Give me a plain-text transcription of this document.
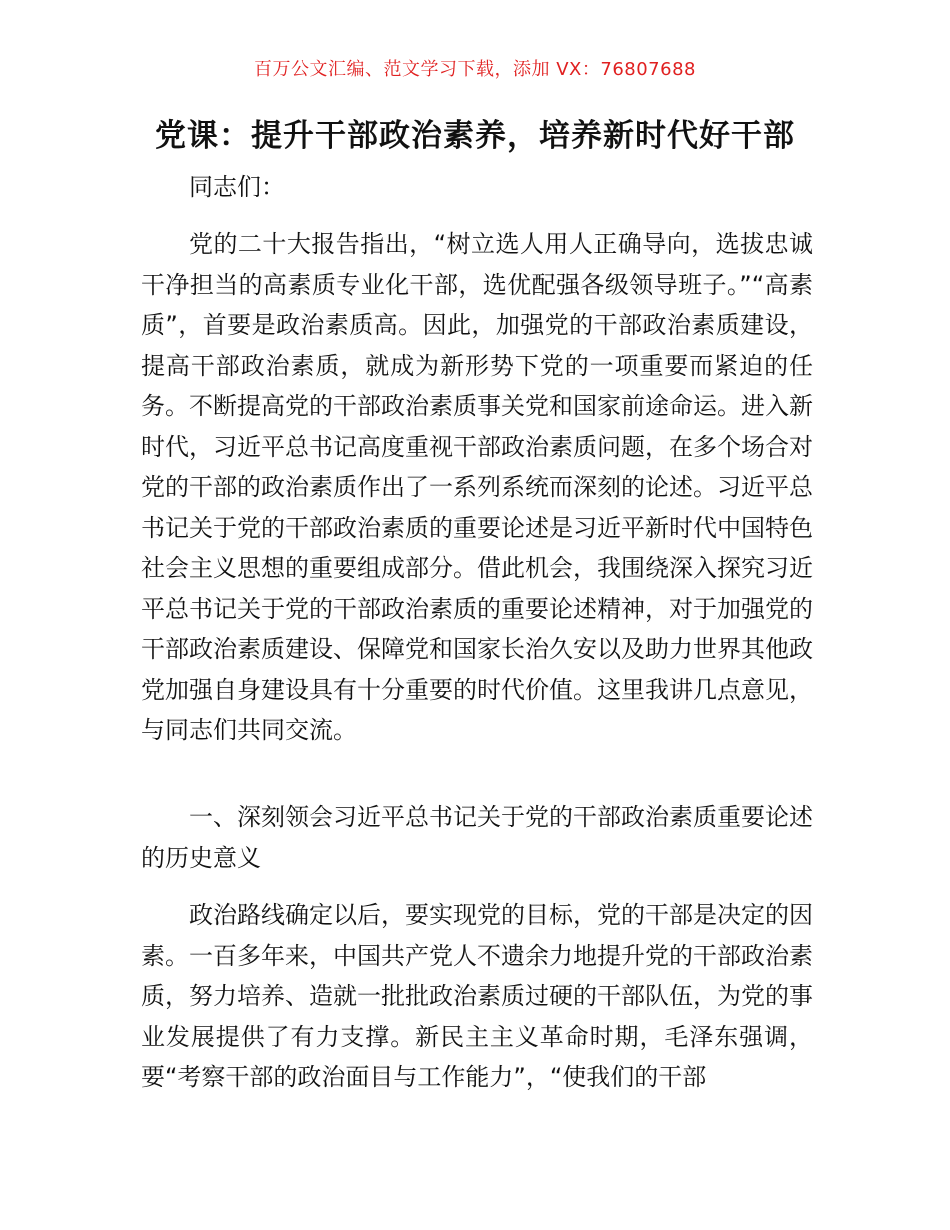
百万公文汇编、范文学习下载，添加 VX：76807688
党课：提升干部政治素养，培养新时代好干部

同志们：

党的二十大报告指出，“树立选人用人正确导向，选拔忠诚干净担当的高素质专业化干部，选优配强各级领导班子。”“高素质”，首要是政治素质高。因此，加强党的干部政治素质建设，提高干部政治素质，就成为新形势下党的一项重要而紧迫的任务。不断提高党的干部政治素质事关党和国家前途命运。进入新时代，习近平总书记高度重视干部政治素质问题，在多个场合对党的干部的政治素质作出了一系列系统而深刻的论述。习近平总书记关于党的干部政治素质的重要论述是习近平新时代中国特色社会主义思想的重要组成部分。借此机会，我围绕深入探究习近平总书记关于党的干部政治素质的重要论述精神，对于加强党的干部政治素质建设、保障党和国家长治久安以及助力世界其他政党加强自身建设具有十分重要的时代价值。这里我讲几点意见，与同志们共同交流。

一、深刻领会习近平总书记关于党的干部政治素质重要论述的历史意义

政治路线确定以后，要实现党的目标，党的干部是决定的因素。一百多年来，中国共产党人不遗余力地提升党的干部政治素质，努力培养、造就一批批政治素质过硬的干部队伍，为党的事业发展提供了有力支撑。新民主主义革命时期，毛泽东强调，要“考察干部的政治面目与工作能力”，“使我们的干部
